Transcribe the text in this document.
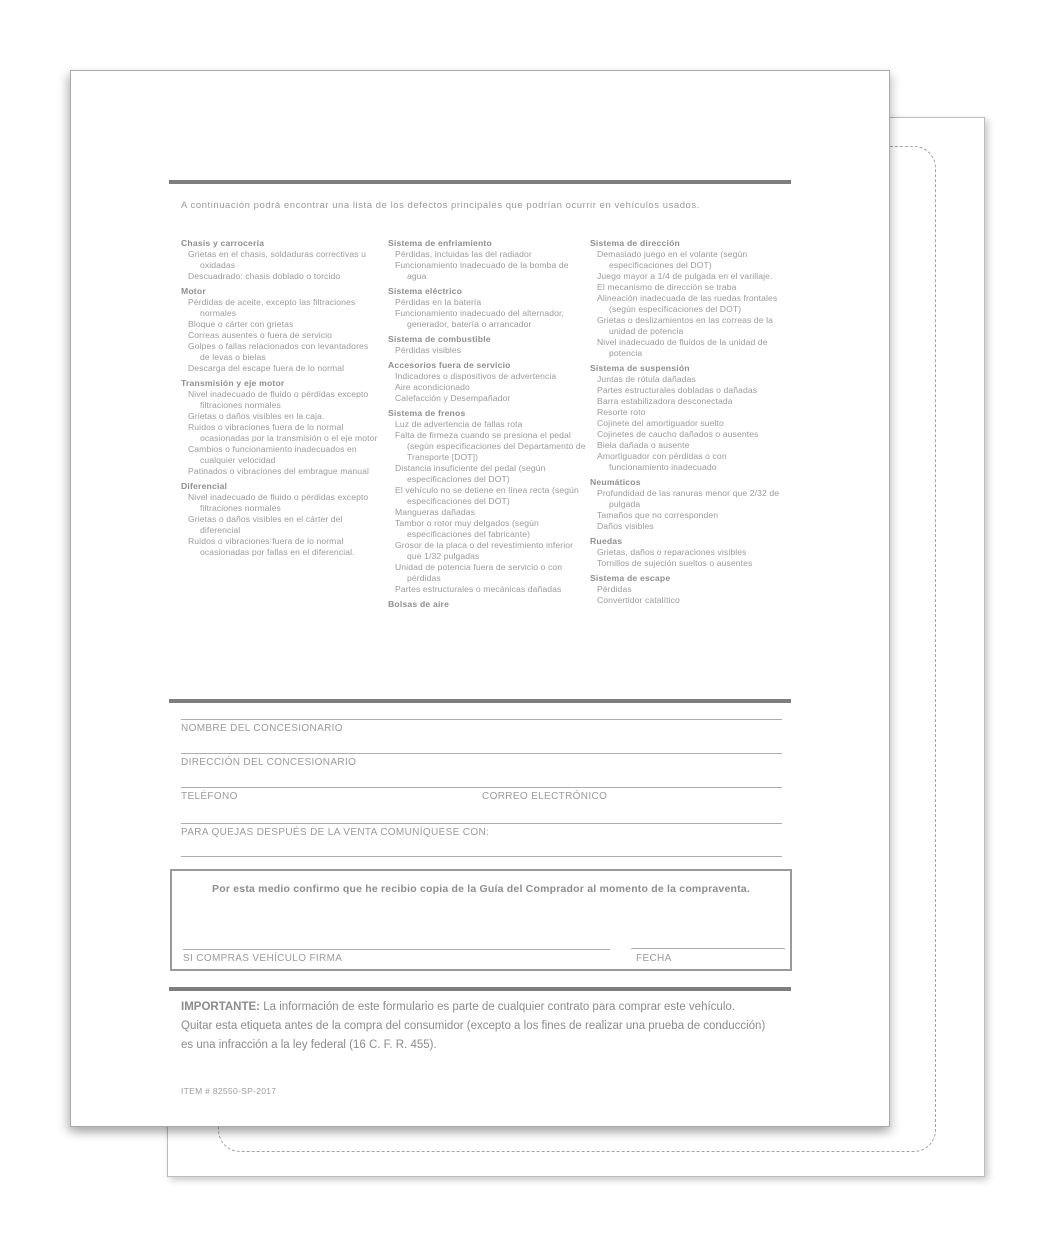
A continuación podrá encontrar una lista de los defectos principales que podrían ocurrir en vehículos usados.
Chasis y carrocería
Grietas en el chasis, soldaduras correctivas u oxidadas
Descuadrado: chasis doblado o torcido
Motor
Pérdidas de aceite, excepto las filtraciones normales
Bloque o cárter con grietas
Correas ausentes o fuera de servicio
Golpes o fallas relacionados con levantadores de levas o bielas
Descarga del escape fuera de lo normal
Transmisión y eje motor
Nivel inadecuado de fluido o pérdidas excepto filtraciones normales
Grietas o daños visibles en la caja.
Ruidos o vibraciones fuera de lo normal ocasionadas por la transmisión o el eje motor
Cambios o funcionamiento inadecuados en cualquier velocidad
Patinados o vibraciones del embrague manual
Diferencial
Nivel inadecuado de fluido o pérdidas excepto filtraciones normales
Grietas o daños visibles en el cárter del diferencial
Ruidos o vibraciones fuera de lo normal ocasionadas por fallas en el diferencial.
Sistema de enfriamiento
Pérdidas, incluidas las del radiador
Funcionamiento inadecuado de la bomba de agua
Sistema eléctrico
Pérdidas en la batería
Funcionamiento inadecuado del alternador, generador, batería o arrancador
Sistema de combustible
Pérdidas visibles
Accesorios fuera de servicio
Indicadores o dispositivos de advertencia
Aire acondicionado
Calefacción y Desempañador
Sistema de frenos
Luz de advertencia de fallas rota
Falta de firmeza cuando se presiona el pedal (según especificaciones del Departamento de Transporte [DOT])
Distancia insuficiente del pedal (según especificaciones del DOT)
El vehículo no se detiene en línea recta (según especificaciones del DOT)
Mangueras dañadas
Tambor o rotor muy delgados (según especificaciones del fabricante)
Grosor de la placa o del revestimiento inferior que 1/32 pulgadas
Unidad de potencia fuera de servicio o con pérdidas
Partes estructurales o mecánicas dañadas
Bolsas de aire
Sistema de dirección
Demasiado juego en el volante (según especificaciones del DOT)
Juego mayor a 1/4 de pulgada en el varillaje.
El mecanismo de dirección se traba
Alineación inadecuada de las ruedas frontales (según especificaciones del DOT)
Grietas o deslizamientos en las correas de la unidad de potencia
Nivel inadecuado de fluidos de la unidad de potencia
Sistema de suspensión
Juntas de rótula dañadas
Partes estructurales dobladas o dañadas
Barra estabilizadora desconectada
Resorte roto
Cojinete del amortiguador suelto
Cojinetes de caucho dañados o ausentes
Biela dañada o ausente
Amortiguador con pérdidas o con funcionamiento inadecuado
Neumáticos
Profundidad de las ranuras menor que 2/32 de pulgada
Tamaños que no corresponden
Daños visibles
Ruedas
Grietas, daños o reparaciones visibles
Tornillos de sujeción sueltos o ausentes
Sistema de escape
Pérdidas
Convertidor catalítico
NOMBRE DEL CONCESIONARIO
DIRECCIÓN DEL CONCESIONARIO
TELÉFONO	CORREO ELECTRÓNICO
PARA QUEJAS DESPUÉS DE LA VENTA COMUNÍQUESE CON:
Por esta medio confirmo que he recibio copia de la Guía del Comprador al momento de la compraventa.
SI COMPRAS VEHÍCULO FIRMA	FECHA
IMPORTANTE: La información de este formulario es parte de cualquier contrato para comprar este vehículo.
Quitar esta etiqueta antes de la compra del consumidor (excepto a los fines de realizar una prueba de conducción)
es una infracción a la ley federal (16 C. F. R. 455).
ITEM # 82550-SP-2017
